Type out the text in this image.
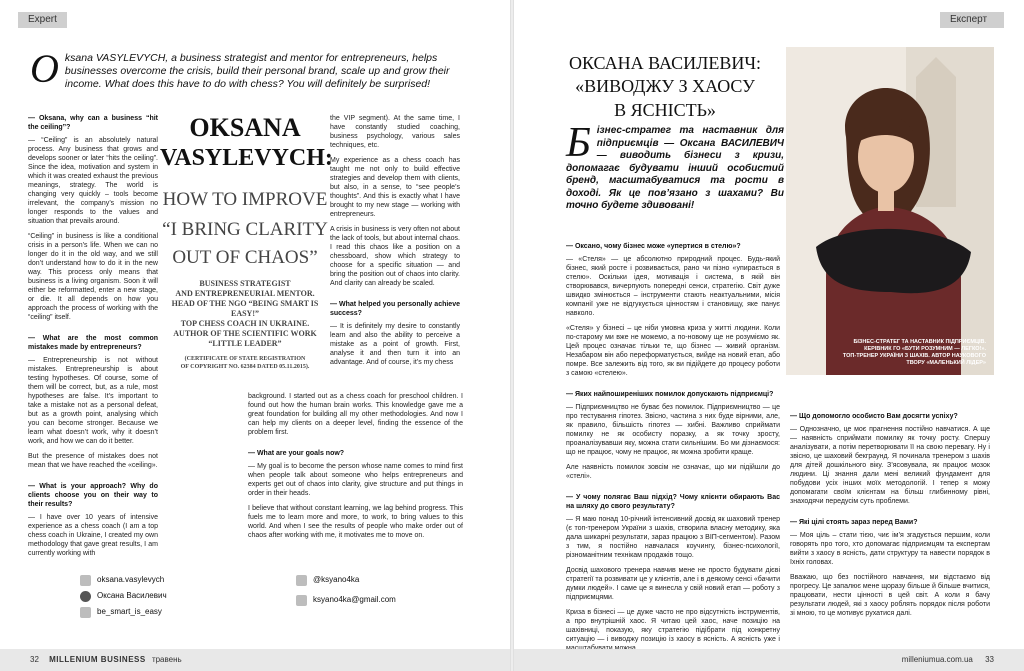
Expert	Експерт
O ksana VASYLEVYCH, a business strategist and mentor for entrepreneurs, helps businesses overcome the crisis, build their personal brand, scale up and grow their income. What does this have to do with chess? You will definitely be surprised!
— Oksana, why can a business “hit the ceiling”?

— “Ceiling” is an absolutely natural process. Any business that grows and develops sooner or later “hits the ceiling”. Since the idea, motivation and system in which it was created exhaust the previous meanings, strategy. The world is changing very quickly – tools become irrelevant, the company’s mission no longer responds to the values and situation that prevails around.

“Ceiling” in business is like a conditional crisis in a person’s life. When we can no longer do it in the old way, and we still don’t understand how to do it in the new way. This process only means that business is a living organism. Soon it will either be reformatted, enter a new stage, or die. It all depends on how you approach the process of working with the “ceiling” itself.

— What are the most common mistakes made by entrepreneurs?

— Entrepreneurship is not without mistakes. Entrepreneurship is about testing hypotheses. Of course, some of them will be correct, but, as a rule, most hypotheses are false. It’s important to take a mistake not as a personal defeat, but as a growth point, analysing which you can become stronger. Because we learn what doesn’t work, why it doesn’t work, and how we can do it better.

But the presence of mistakes does not mean that we have reached the «ceiling».

— What is your approach? Why do clients choose you on their way to their results?

— I have over 10 years of intensive experience as a chess coach (I am a top chess coach in Ukraine, I created my own methodology that gave great results, I am currently working with

OKSANA
VASYLEVYCH:
HOW TO IMPROVE
“I BRING CLARITY
OUT OF CHAOS”
BUSINESS STRATEGIST
AND ENTREPRENEURIAL MENTOR.
HEAD OF THE NGO “BEING SMART IS
EASY!”
TOP CHESS COACH IN UKRAINE.
AUTHOR OF THE SCIENTIFIC WORK
“LITTLE LEADER”
(CERTIFICATE OF STATE REGISTRATION
OF COPYRIGHT NO. 62384 DATED 05.11.2015).

the VIP segment). At the same time, I have constantly studied coaching, business psychology, various sales techniques, etc.

My experience as a chess coach has taught me not only to build effective strategies and develop them with clients, but also, in a sense, to “see people’s thoughts”. And this is exactly what I have brought to my new stage — working with entrepreneurs.

A crisis in business is very often not about the lack of tools, but about internal chaos. I read this chaos like a position on a chessboard, show which strategy to choose for a specific situation — and bring the position out of chaos into clarity. And clarity can already be scaled.

— What helped you personally achieve success?

— It is definitely my desire to constantly learn and also the ability to perceive a mistake as a point of growth. First, analyse it and then turn it into an advantage. And of course, it’s my chess

background. I started out as a chess coach for preschool children. I found out how the human brain works. This knowledge gave me a great foundation for building all my other methodologies. And now I can help my clients on a deeper level, finding the essence of the problem first.

— What are your goals now?

— My goal is to become the person whose name comes to mind first when people talk about someone who helps entrepreneurs and experts get out of chaos into clarity, give structure and put things in order in their heads.

I believe that without constant learning, we lag behind progress. This fuels me to learn more and more, to work, to bring values to this world. And when I see the results of people who make order out of chaos after working with me, it motivates me to move on.

oksana.vasylevych
Оксана Василевич
be_smart_is_easy
@ksyano4ka
ksyano4ka@gmail.com
32 MILLENIUM BUSINESS травень
ОКСАНА ВАСИЛЕВИЧ:
«ВИВОДЖУ З ХАОСУ
В ЯСНІСТЬ»
Б ізнес-стратег та наставник для підприємців — Оксана ВАСИЛЕВИЧ — виводить бізнеси з кризи, допомагає будувати інший особистий бренд, масштабуватися та рости в доході. Як це пов’язано з шахами? Ви точно будете здивовані!
— Оксано, чому бізнес може «упертися в стелю»?

— «Стеля» — це абсолютно природний процес. Будь-який бізнес, який росте і розвивається, рано чи пізно «упирається в стелю». Оскільки ідея, мотивація і система, в якій він створювався, вичерпують попередні сенси, стратегію. Світ дуже швидко змінюється – інструменти стають неактуальними, місія компанії уже не відгукується цінностям і становищу, яке панує навколо.

«Стеля» у бізнесі – це ніби умовна криза у житті людини. Коли по-старому ми вже не можемо, а по-новому ще не розуміємо як. Цей процес означає тільки те, що бізнес — живий організм. Незабаром він або переформатується, вийде на новий етап, або помре. Все залежить від того, як ви підійдете до процесу роботи з самою «стелею».

— Яких найпоширеніших помилок допускають підприємці?

— Підприємництво не буває без помилок. Підприємництво — це про тестування гіпотез. Звісно, частина з них буде вірними, але, як правило, більшість гіпотез — хибні. Важливо сприймати помилку не як особисту поразку, а як точку зросту, проаналізувавши яку, можна стати сильнішим. Бо ми дізнаємося: що не працює, чому не працює, як можна зробити краще.

Але наявність помилок зовсім не означає, що ми підійшли до «стелі».

— У чому полягає Ваш підхід? Чому клієнти обирають Вас на шляху до свого результату?

— Я маю понад 10-річний інтенсивний досвід як шаховий тренер (є топ-тренером України з шахів, створила власну методику, яка дала шикарні результати, зараз працюю з ВІП-сегментом). Разом з тим, я постійно навчалася коучингу, бізнес-психології, різноманітним технікам продажів тощо.

Досвід шахового тренера навчив мене не просто будувати дієві стратегії та розвивати це у клієнтів, але і в деякому сенсі «бачити думки людей». І саме це я винесла у свій новий етап — роботу з підприємцями.

Криза в бізнесі — це дуже часто не про відсутність інструментів, а про внутрішній хаос. Я читаю цей хаос, наче позицію на шахівниці, показую, яку стратегію підібрати під конкретну ситуацію — і виводжу позицію із хаосу в ясність. А ясність уже і

БІЗНЕС-СТРАТЕГ ТА НАСТАВНИК ПІДПРИЄМЦІВ.
КЕРІВНИК ГО «БУТИ РОЗУМНИМ — ЛЕГКО!».
ТОП-ТРЕНЕР УКРАЇНИ З ШАХІВ. АВТОР НАУКОВОГО
ТВОРУ «МАЛЕНЬКИЙ ЛІДЕР»
— Що допомогло особисто Вам досягти успіху?

— Однозначно, це моє прагнення постійно навчатися. А ще — наявність сприймати помилку як точку росту. Спершу аналізувати, а потім перетворювати її на свою перевагу. Ну і звісно, це шаховий бекграунд. Я починала тренером з шахів для дітей дошкільного віку. З’ясовувала, як працює мозок людини. Ці знання дали мені великий фундамент для побудови усіх інших моїх методологій. І тепер я можу допомагати своїм клієнтам на більш глибинному рівні, знаходячи передусім суть проблеми.

— Які цілі стоять зараз перед Вами?

— Моя ціль – стати тією, чиє ім’я згадується першим, коли говорять про того, хто допомагає підприємцям та експертам вийти з хаосу в ясність, дати структуру та навести порядок в їхніх головах.

Вважаю, що без постійного навчання, ми відстаємо від прогресу. Це запалює мене щоразу більше й більше вчитися, працювати, нести цінності в цей світ. А коли я бачу результати людей, які з хаосу роблять порядок після роботи зі мною, то це мотивує рухатися далі.

milleniumua.com.ua 33
